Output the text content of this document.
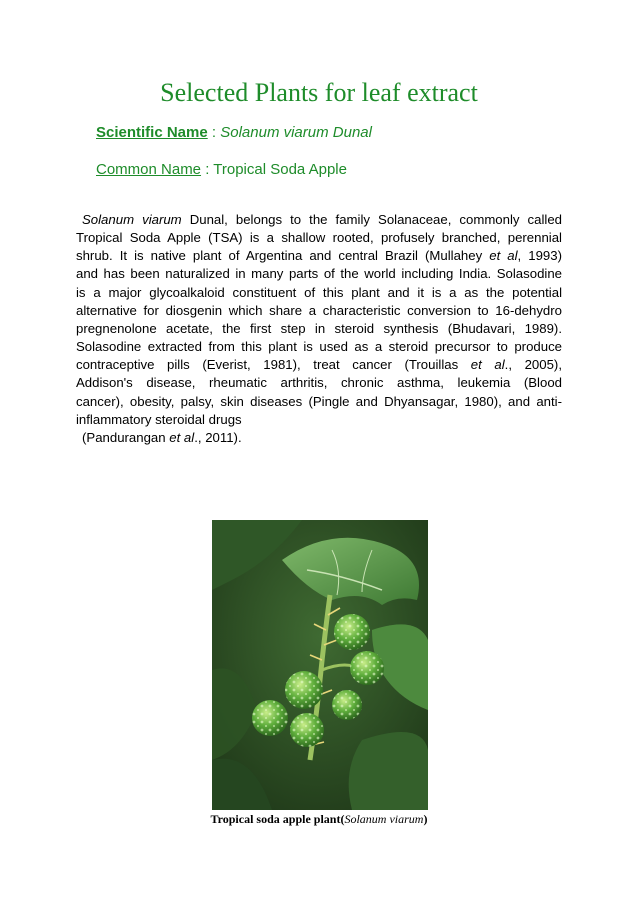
Selected Plants for leaf extract
Scientific Name : Solanum viarum Dunal
Common Name : Tropical Soda Apple
Solanum viarum Dunal, belongs to the family Solanaceae, commonly called
Tropical Soda Apple (TSA) is a shallow rooted, profusely branched, perennial
shrub. It is native plant of Argentina and central Brazil (Mullahey et al, 1993)
and has been naturalized in many parts of the world including India. Solasodine
is a major glycoalkaloid constituent of this plant and it is a as the potential
alternative for diosgenin which share a characteristic conversion to 16-dehydro
pregnenolone acetate, the first step in steroid synthesis (Bhudavari, 1989).
Solasodine extracted from this plant is used as a steroid precursor to produce
contraceptive pills (Everist, 1981), treat cancer (Trouillas et al., 2005),
Addison's disease, rheumatic arthritis, chronic asthma, leukemia (Blood
cancer), obesity, palsy, skin diseases (Pingle and Dhyansagar, 1980), and anti-
inflammatory steroidal drugs
(Pandurangan et al., 2011).
Tropical soda apple plant(Solanum viarum)
